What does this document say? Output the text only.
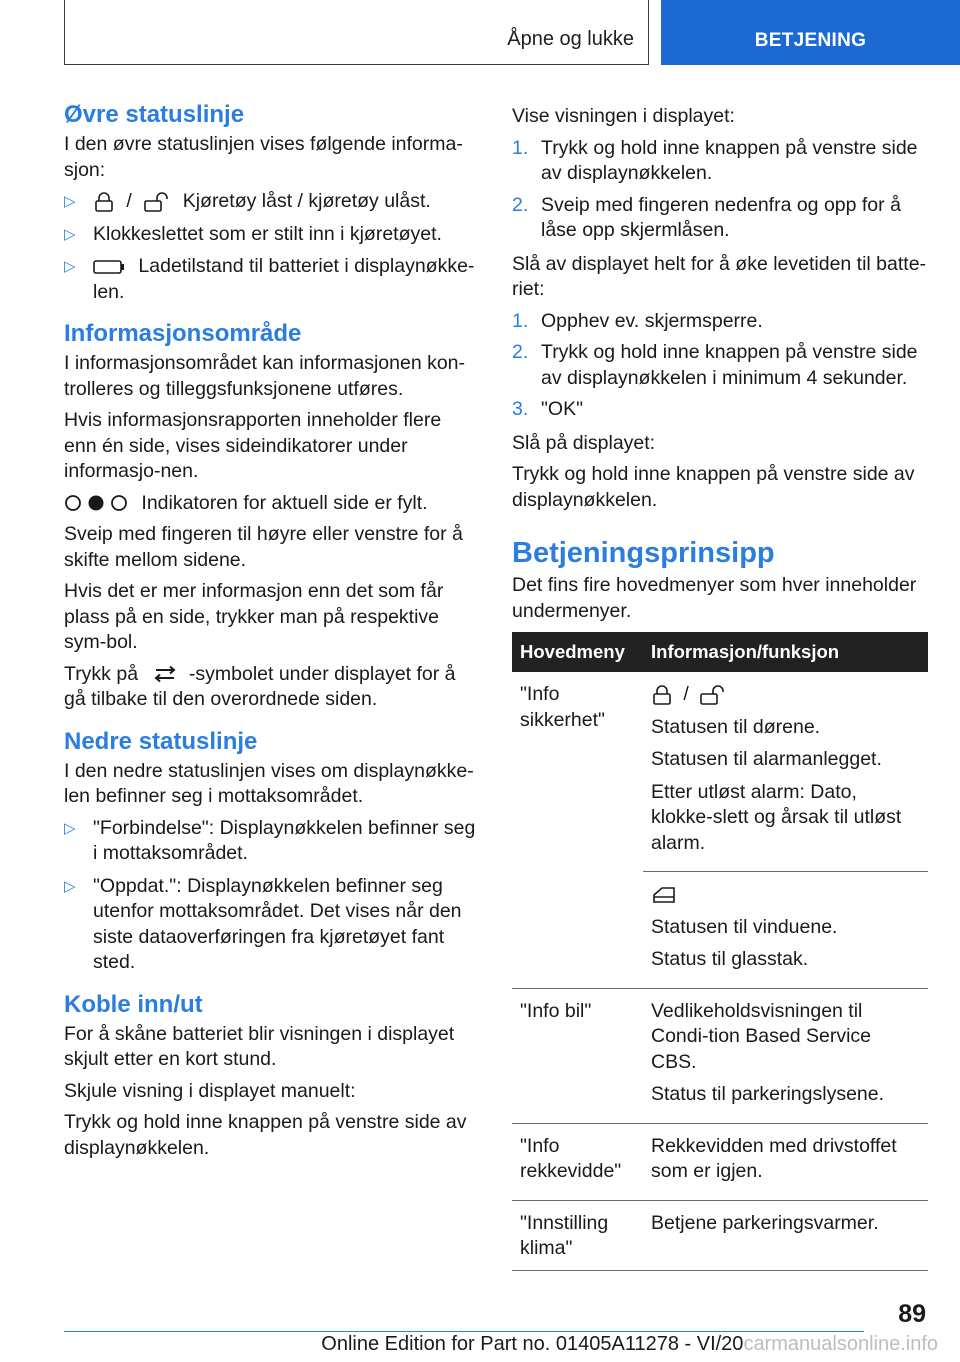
Åpne og lukke	BETJENING
Øvre statuslinje

I den øvre statuslinjen vises følgende informa-sjon:

▷	/	Kjøretøy låst / kjøretøy ulåst.
▷ Klokkeslettet som er stilt inn i kjøretøyet.
▷	Ladetilstand til batteriet i displaynøkke-len.
Informasjonsområde

I informasjonsområdet kan informasjonen kon-trolleres og tilleggsfunksjonene utføres.

Hvis informasjonsrapporten inneholder flere enn én side, vises sideindikatorer under informasjo-nen.

Indikatoren for aktuell side er fylt.

Sveip med fingeren til høyre eller venstre for å skifte mellom sidene.

Hvis det er mer informasjon enn det som får plass på en side, trykker man på respektive sym-bol.

Trykk på	-symbolet under displayet for å gå tilbake til den overordnede siden.

Nedre statuslinje

I den nedre statuslinjen vises om displaynøkke-len befinner seg i mottaksområdet.

▷ "Forbindelse": Displaynøkkelen befinner seg i mottaksområdet.
▷ "Oppdat.": Displaynøkkelen befinner seg utenfor mottaksområdet. Det vises når den siste dataoverføringen fra kjøretøyet fant sted.
Koble inn/ut

For å skåne batteriet blir visningen i displayet skjult etter en kort stund.

Skjule visning i displayet manuelt:

Trykk og hold inne knappen på venstre side av displaynøkkelen.

Vise visningen i displayet:

1. Trykk og hold inne knappen på venstre side av displaynøkkelen.
2. Sveip med fingeren nedenfra og opp for å låse opp skjermlåsen.

Slå av displayet helt for å øke levetiden til batte-riet:

1. Opphev ev. skjermsperre.
2. Trykk og hold inne knappen på venstre side av displaynøkkelen i minimum 4 sekunder.
3. "OK"

Slå på displayet:

Trykk og hold inne knappen på venstre side av displaynøkkelen.

Betjeningsprinsipp

Det fins fire hovedmenyer som hver inneholder undermenyer.

Hovedmeny	Informasjon/funksjon
"Info sikkerhet"	/

Statusen til dørene.

Statusen til alarmanlegget.

Etter utløst alarm: Dato, klokke-slett og årsak til utløst alarm.

	Statusen til vinduene.

Status til glasstak.

"Info bil"	Vedlikeholdsvisningen til Condi-tion Based Service CBS.

Status til parkeringslysene.

"Info rekkevidde"	Rekkevidden med drivstoffet som er igjen.

"Innstilling klima"	Betjene parkeringsvarmer.

89
Online Edition for Part no. 01405A11278 - VI/20carmanualsonline.info
